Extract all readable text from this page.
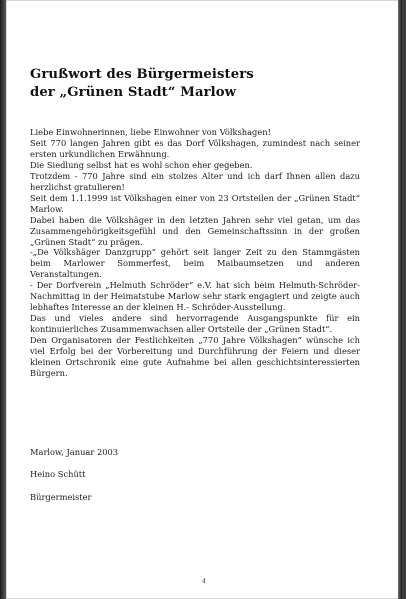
Grußwort des Bürgermeisters
der „Grünen Stadt“ Marlow

Liebe Einwohnerinnen, liebe Einwohner von Völkshagen!

Seit 770 langen Jahren gibt es das Dorf Völkshagen, zumindest nach seiner ersten urkundlichen Erwähnung.

Die Siedlung selbst hat es wohl schon eher gegeben.

Trotzdem - 770 Jahre sind ein stolzes Alter und ich darf Ihnen allen dazu herzlichst gratulieren!

Seit dem 1.1.1999 ist Völkshagen einer von 23 Ortsteilen der „Grünen Stadt“ Marlow.

Dabei haben die Völkshäger in den letzten Jahren sehr viel getan, um das Zusammengehörigkeitsgefühl und den Gemeinschaftssinn in der großen „Grünen Stadt“ zu prägen.

-„De Völkshäger Danzgrupp“ gehört seit langer Zeit zu den Stammgästen beim Marlower Sommerfest, beim Maibaumsetzen und anderen Veranstaltungen.

- Der Dorfverein „Helmuth Schröder“ e.V. hat sich beim Helmuth-Schröder-Nachmittag in der Heimatstube Marlow sehr stark engagiert und zeigte auch lebhaftes Interesse an der kleinen H.- Schröder-Ausstellung.

Das und vieles andere sind hervorragende Ausgangspunkte für ein kontinuierliches Zusammenwachsen aller Ortsteile der „Grünen Stadt“.

Den Organisatoren der Festlichkeiten „770 Jahre Völkshagen“ wünsche ich viel Erfolg bei der Vorbereitung und Durchführung der Feiern und dieser kleinen Ortschronik eine gute Aufnahme bei allen geschichtsinteressierten Bürgern.

Marlow, Januar 2003
Heino Schütt
Bürgermeister
4
